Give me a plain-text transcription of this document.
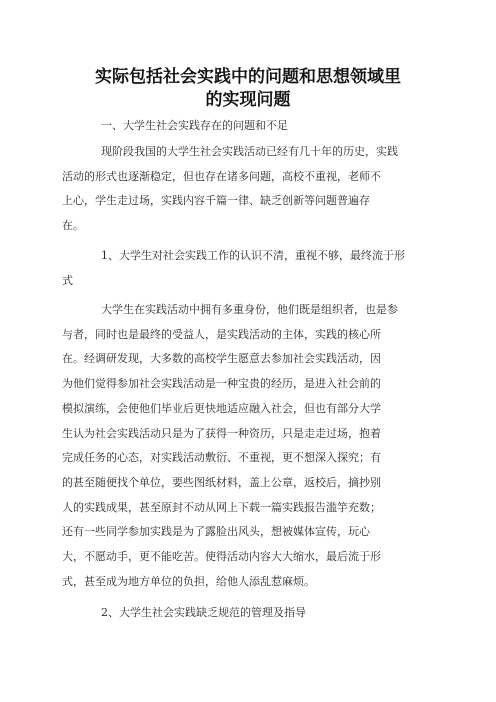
实际包括社会实践中的问题和思想领域里
的实现问题
一、大学生社会实践存在的问题和不足
现阶段我国的大学生社会实践活动已经有几十年的历史，实践
活动的形式也逐渐稳定，但也存在诸多问题，高校不重视，老师不
上心，学生走过场，实践内容千篇一律、缺乏创新等问题普遍存
在。
1、大学生对社会实践工作的认识不清，重视不够，最终流于形
式
大学生在实践活动中拥有多重身份，他们既是组织者，也是参
与者，同时也是最终的受益人，是实践活动的主体，实践的核心所
在。经调研发现，大多数的高校学生愿意去参加社会实践活动，因
为他们觉得参加社会实践活动是一种宝贵的经历，是进入社会前的
模拟演练，会使他们毕业后更快地适应融入社会，但也有部分大学
生认为社会实践活动只是为了获得一种资历，只是走走过场，抱着
完成任务的心态，对实践活动敷衍、不重视，更不想深入探究；有
的甚至随便找个单位，要些图纸材料，盖上公章，返校后，摘抄别
人的实践成果，甚至原封不动从网上下载一篇实践报告滥竽充数；
还有一些同学参加实践是为了露脸出风头，想被媒体宣传，玩心
大，不愿动手，更不能吃苦。使得活动内容大大缩水，最后流于形
式，甚至成为地方单位的负担，给他人添乱惹麻烦。
2、大学生社会实践缺乏规范的管理及指导
